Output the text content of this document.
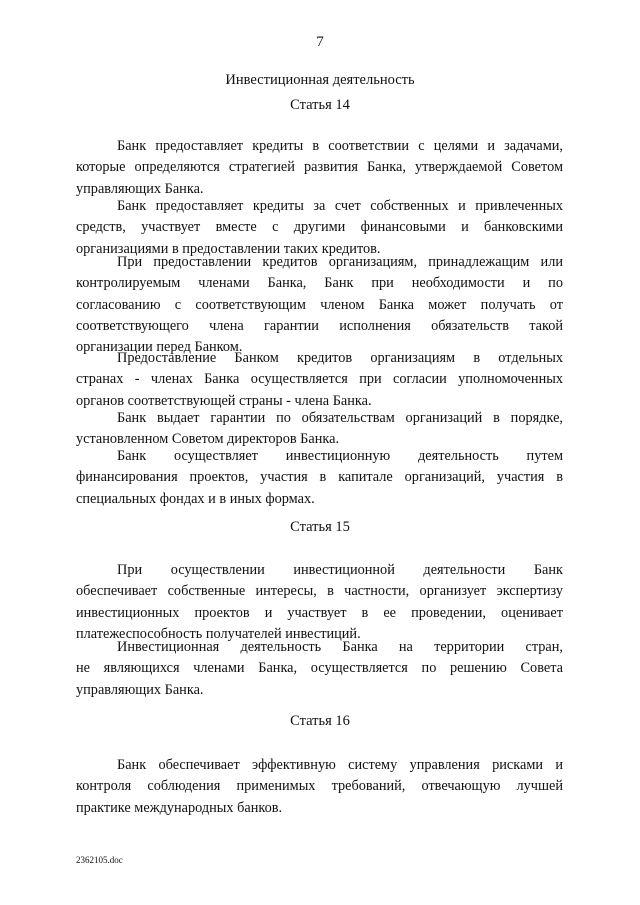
7
Инвестиционная деятельность
Статья 14
Статья 15
Статья 16
2362105.doc
Банк предоставляет кредиты в соответствии с целями и задачами,
которые определяются стратегией развития Банка, утверждаемой Советом
управляющих Банка.
Банк предоставляет кредиты за счет собственных и привлеченных
средств, участвует вместе с другими финансовыми и банковскими
организациями в предоставлении таких кредитов.
При предоставлении кредитов организациям, принадлежащим или
контролируемым членами Банка, Банк при необходимости и по
согласованию с соответствующим членом Банка может получать от
соответствующего члена гарантии исполнения обязательств такой
организации перед Банком.
Предоставление Банком кредитов организациям в отдельных
странах - членах Банка осуществляется при согласии уполномоченных
органов соответствующей страны - члена Банка.
Банк выдает гарантии по обязательствам организаций в порядке,
установленном Советом директоров Банка.
Банк осуществляет инвестиционную деятельность путем
финансирования проектов, участия в капитале организаций, участия в
специальных фондах и в иных формах.
При осуществлении инвестиционной деятельности Банк
обеспечивает собственные интересы, в частности, организует экспертизу
инвестиционных проектов и участвует в ее проведении, оценивает
платежеспособность получателей инвестиций.
Инвестиционная деятельность Банка на территории стран,
не являющихся членами Банка, осуществляется по решению Совета
управляющих Банка.
Банк обеспечивает эффективную систему управления рисками и
контроля соблюдения применимых требований, отвечающую лучшей
практике международных банков.
